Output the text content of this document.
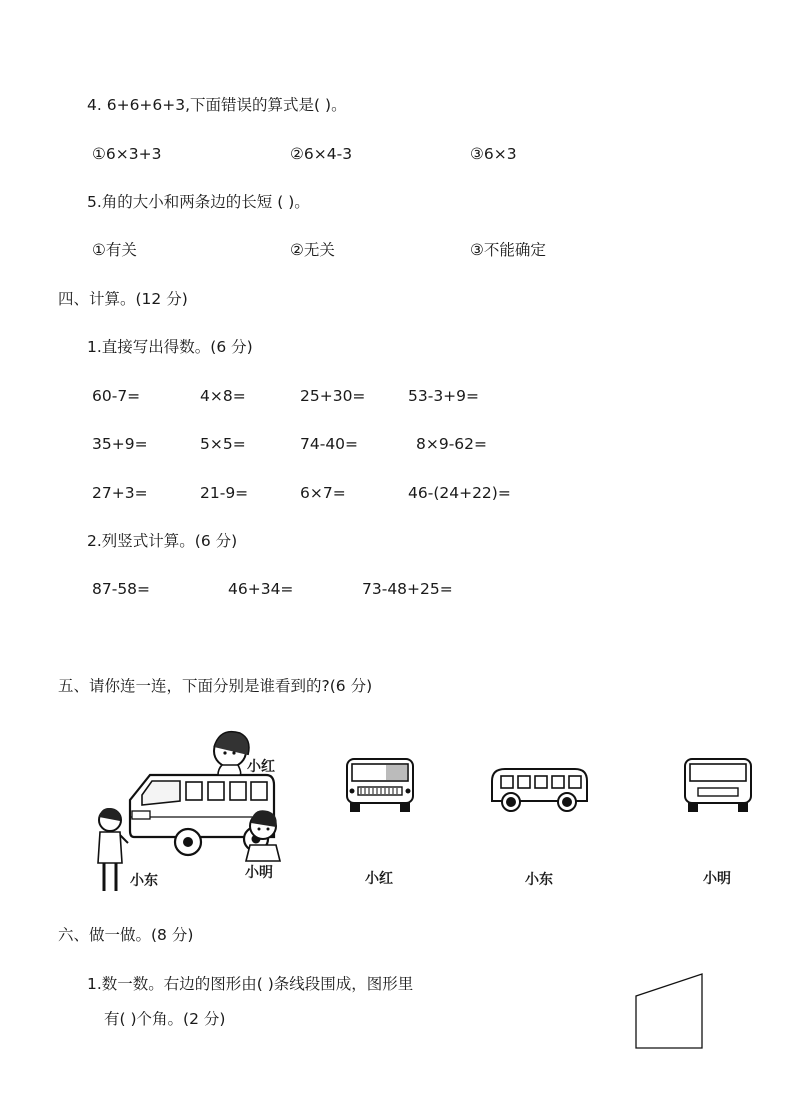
4. 6+6+6+3,下面错误的算式是( )。
①6×3+3	②6×4-3	③6×3
5.角的大小和两条边的长短 ( )。
①有关	②无关	③不能确定
四、计算。(12 分)
1.直接写出得数。(6 分)
60-7=	4×8=	25+30=	53-3+9=
35+9=	5×5=	74-40=	8×9-62=
27+3=	21-9=	6×7=	46-(24+22)=
2.列竖式计算。(6 分)
87-58=	46+34=	73-48+25=
五、请你连一连，下面分别是谁看到的?(6 分)
小红
小东	小明	小红	小东	小明
六、做一做。(8 分)
1.数一数。右边的图形由( )条线段围成，图形里
有( )个角。(2 分)
